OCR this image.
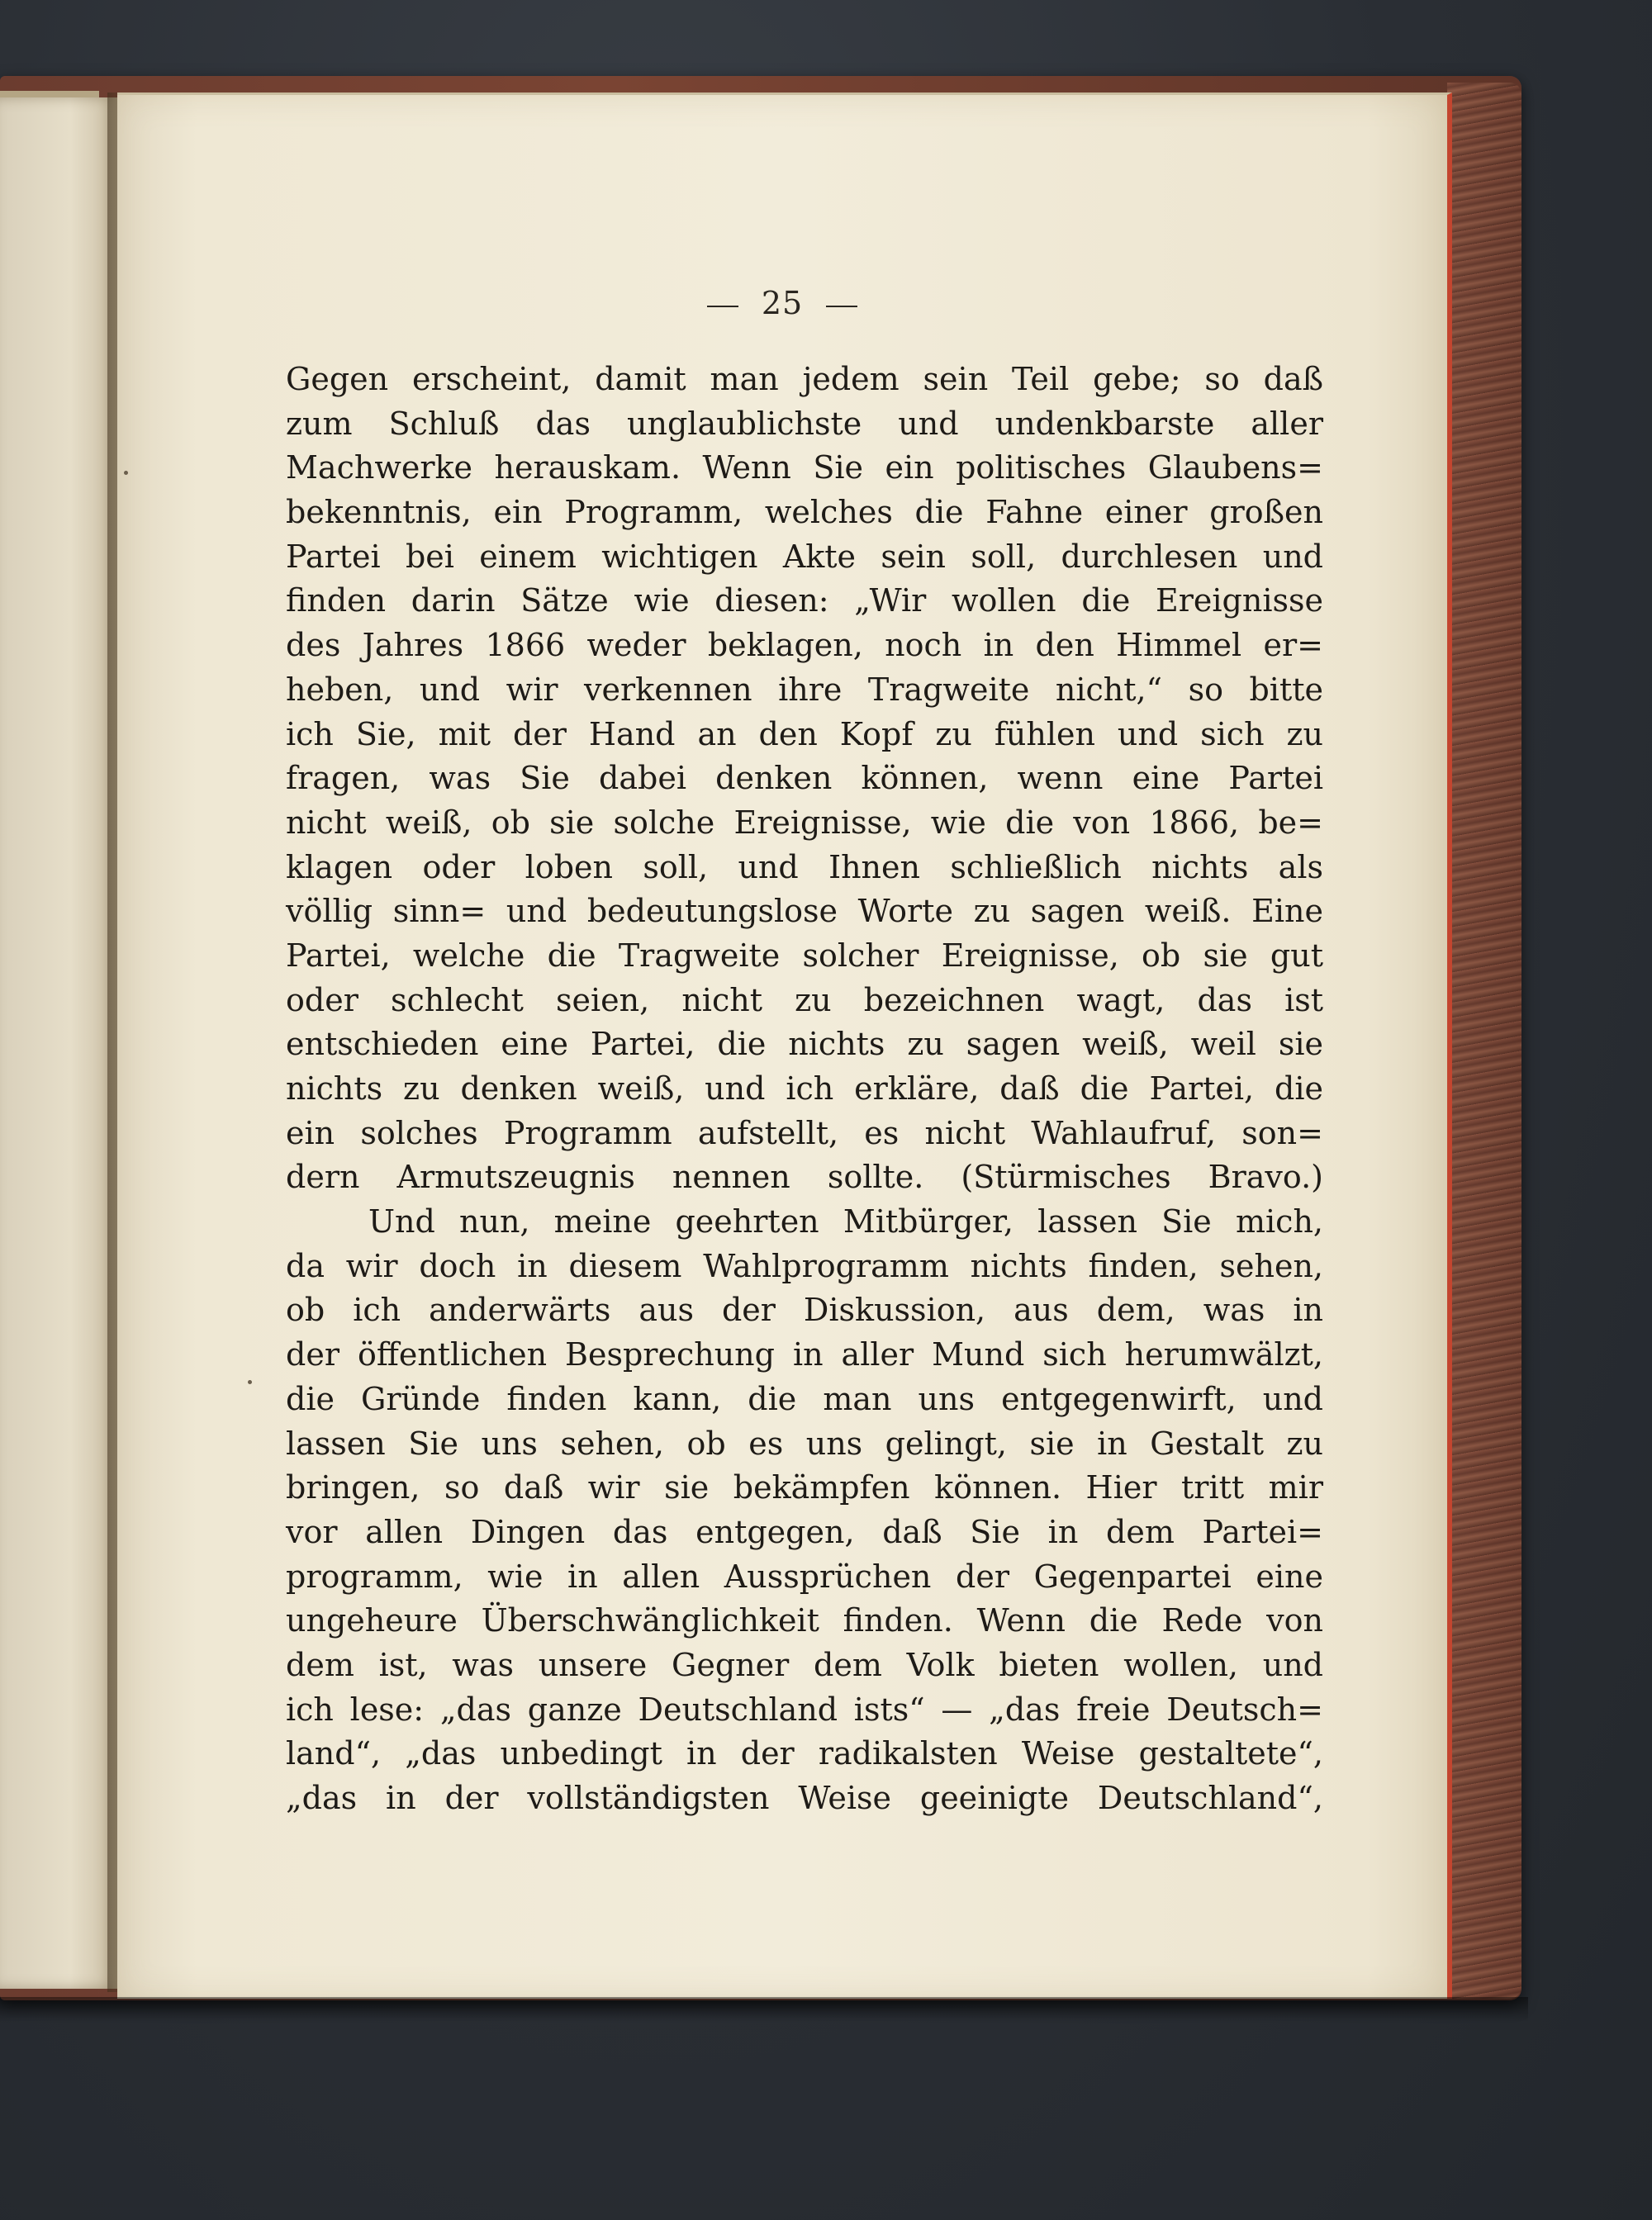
25
Gegen erscheint, damit man jedem sein Teil gebe; so daß
zum Schluß das unglaublichste und undenkbarste aller
Machwerke herauskam. Wenn Sie ein politisches Glaubens=
bekenntnis, ein Programm, welches die Fahne einer großen
Partei bei einem wichtigen Akte sein soll, durchlesen und
finden darin Sätze wie diesen: „Wir wollen die Ereignisse
des Jahres 1866 weder beklagen, noch in den Himmel er=
heben, und wir verkennen ihre Tragweite nicht,“ so bitte
ich Sie, mit der Hand an den Kopf zu fühlen und sich zu
fragen, was Sie dabei denken können, wenn eine Partei
nicht weiß, ob sie solche Ereignisse, wie die von 1866, be=
klagen oder loben soll, und Ihnen schließlich nichts als
völlig sinn= und bedeutungslose Worte zu sagen weiß. Eine
Partei, welche die Tragweite solcher Ereignisse, ob sie gut
oder schlecht seien, nicht zu bezeichnen wagt, das ist
entschieden eine Partei, die nichts zu sagen weiß, weil sie
nichts zu denken weiß, und ich erkläre, daß die Partei, die
ein solches Programm aufstellt, es nicht Wahlaufruf, son=
dern Armutszeugnis nennen sollte. (Stürmisches Bravo.)
Und nun, meine geehrten Mitbürger, lassen Sie mich,
da wir doch in diesem Wahlprogramm nichts finden, sehen,
ob ich anderwärts aus der Diskussion, aus dem, was in
der öffentlichen Besprechung in aller Mund sich herumwälzt,
die Gründe finden kann, die man uns entgegenwirft, und
lassen Sie uns sehen, ob es uns gelingt, sie in Gestalt zu
bringen, so daß wir sie bekämpfen können. Hier tritt mir
vor allen Dingen das entgegen, daß Sie in dem Partei=
programm, wie in allen Aussprüchen der Gegenpartei eine
ungeheure Überschwänglichkeit finden. Wenn die Rede von
dem ist, was unsere Gegner dem Volk bieten wollen, und
ich lese: „das ganze Deutschland ists“ — „das freie Deutsch=
land“, „das unbedingt in der radikalsten Weise gestaltete“,
„das in der vollständigsten Weise geeinigte Deutschland“,
